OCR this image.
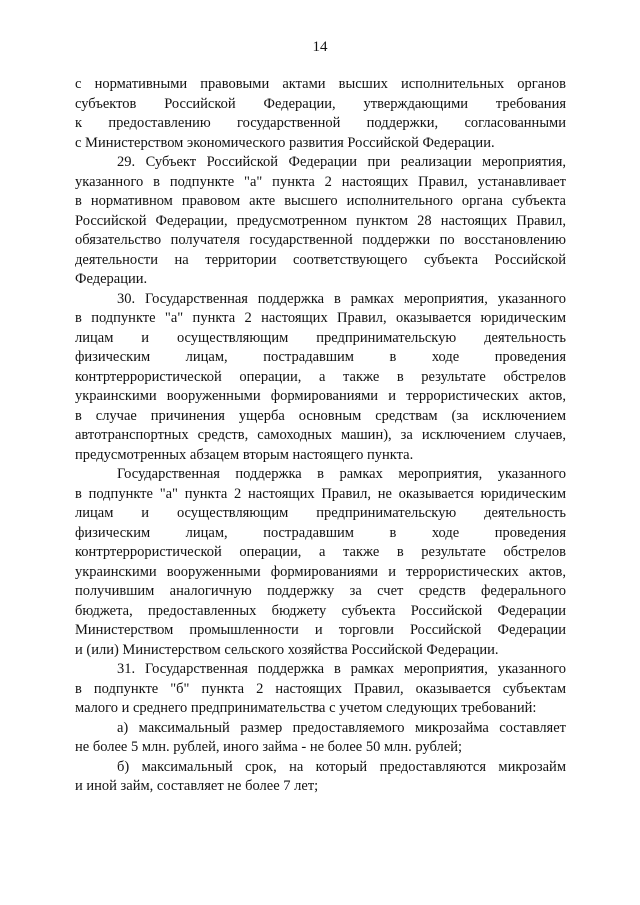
14
с нормативными правовыми актами высших исполнительных органов
субъектов Российской Федерации, утверждающими требования
к предоставлению государственной поддержки, согласованными
с Министерством экономического развития Российской Федерации.
29. Субъект Российской Федерации при реализации мероприятия,
указанного в подпункте "а" пункта 2 настоящих Правил, устанавливает
в нормативном правовом акте высшего исполнительного органа субъекта
Российской Федерации, предусмотренном пунктом 28 настоящих Правил,
обязательство получателя государственной поддержки по восстановлению
деятельности на территории соответствующего субъекта Российской
Федерации.
30. Государственная поддержка в рамках мероприятия, указанного
в подпункте "а" пункта 2 настоящих Правил, оказывается юридическим
лицам и осуществляющим предпринимательскую деятельность
физическим лицам, пострадавшим в ходе проведения
контртеррористической операции, а также в результате обстрелов
украинскими вооруженными формированиями и террористических актов,
в случае причинения ущерба основным средствам (за исключением
автотранспортных средств, самоходных машин), за исключением случаев,
предусмотренных абзацем вторым настоящего пункта.
Государственная поддержка в рамках мероприятия, указанного
в подпункте "а" пункта 2 настоящих Правил, не оказывается юридическим
лицам и осуществляющим предпринимательскую деятельность
физическим лицам, пострадавшим в ходе проведения
контртеррористической операции, а также в результате обстрелов
украинскими вооруженными формированиями и террористических актов,
получившим аналогичную поддержку за счет средств федерального
бюджета, предоставленных бюджету субъекта Российской Федерации
Министерством промышленности и торговли Российской Федерации
и (или) Министерством сельского хозяйства Российской Федерации.
31. Государственная поддержка в рамках мероприятия, указанного
в подпункте "б" пункта 2 настоящих Правил, оказывается субъектам
малого и среднего предпринимательства с учетом следующих требований:
а) максимальный размер предоставляемого микрозайма составляет
не более 5 млн. рублей, иного займа - не более 50 млн. рублей;
б) максимальный срок, на который предоставляются микрозайм
и иной займ, составляет не более 7 лет;
